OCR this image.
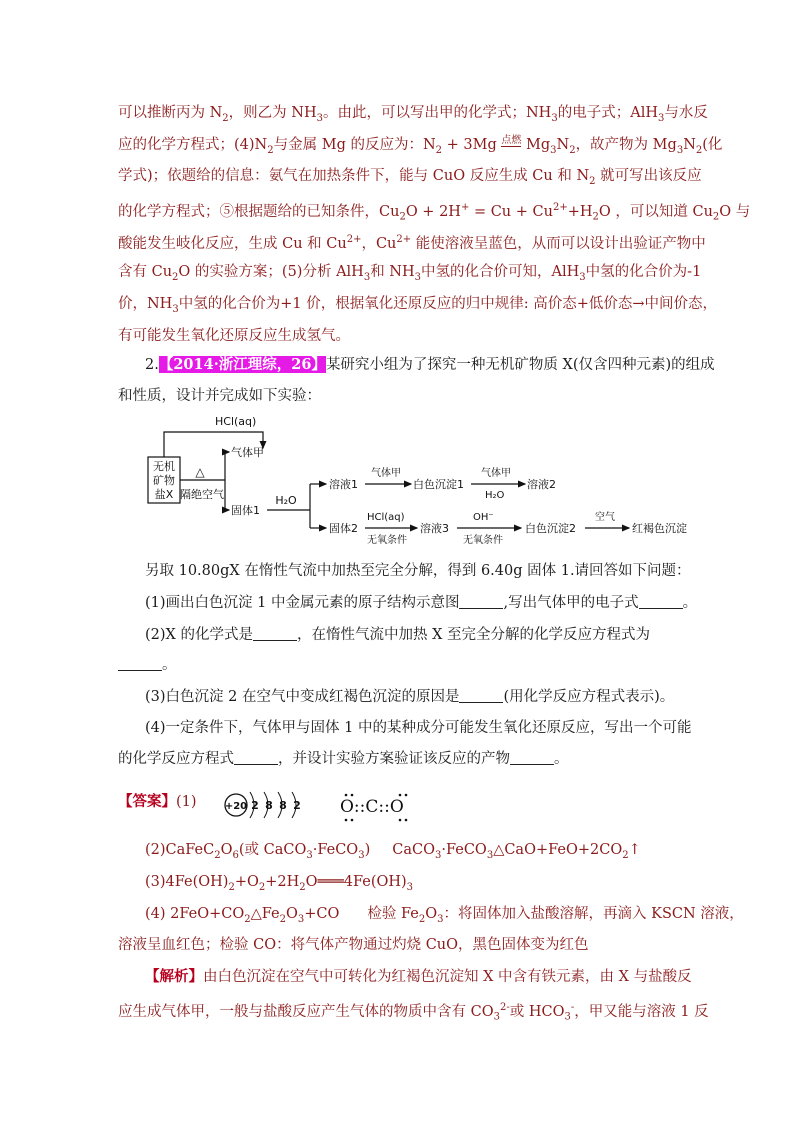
可以推断丙为 $N_2$，则乙为 $NH_3$。由此，可以写出甲的化学式；$NH_3$的电子式；AlH$_3$与水反
应的化学方程式；$(4)N_2$与金属 Mg 的反应为：$N_2 + 3Mg$ 点燃 $Mg_3N_2$，故产物为 $Mg_3N_2$(化
学式)；依题给的信息：氨气在加热条件下，能与 CuO 反应生成 Cu 和 $N_2$ 就可写出该反应
的化学方程式；⑤根据题给的已知条件，$Cu_2O + 2H^+ = Cu + Cu^{2+}+H_2O$ ，可以知道 $Cu_2O$ 与
酸能发生岐化反应，生成 Cu 和 $Cu^{2+}$，$Cu^{2+}$ 能使溶液呈蓝色，从而可以设计出验证产物中
含有 $Cu_2O$ 的实验方案；(5)分析 AlH$_3$和 $NH_3$中氢的化合价可知，AlH$_3$中氢的化合价为-1
价，$NH_3$中氢的化合价为+1 价，根据氧化还原反应的归中规律: 高价态+低价态→中间价态，
有可能发生氧化还原反应生成氢气。
2.【2014·浙江理综，26】某研究小组为了探究一种无机矿物质 X(仅含四种元素)的组成
和性质，设计并完成如下实验：
无机
矿物
盐X
HCl(aq)
△
隔绝空气
气体甲
固体1
H₂O
溶液1
气体甲
白色沉淀1
气体甲
H₂O
溶液2
固体2
HCl(aq)
无氧条件
溶液3
OH⁻
无氧条件
白色沉淀2
空气
红褐色沉淀
另取 10.80gX 在惰性气流中加热至完全分解，得到 6.40g 固体 1.请回答如下问题：
(1)画出白色沉淀 1 中金属元素的原子结构示意图	,写出气体甲的电子式	。
(2)X 的化学式是	，在惰性气流中加热 X 至完全分解的化学反应方程式为
。
(3)白色沉淀 2 在空气中变成红褐色沉淀的原因是	(用化学反应方程式表示)。
(4)一定条件下，气体甲与固体 1 中的某种成分可能发生氧化还原反应，写出一个可能
的化学反应方程式	，并设计实验方案验证该反应的产物	。
【答案】(1)	+20 2 8 8 2 O::C::O
$(2)CaFeC_2O_6$(或 CaCO$_3$·FeCO$_3$) $CaCO_3\cdot FeCO_3\triangle CaO+FeO+2CO_2↑$
$(3)4Fe(OH)_2+O_2+2H_2O═══4Fe(OH)_3$
(4) $2FeO+CO_2\triangle Fe_2O_3+CO$ 检验 $Fe_2O_3$：将固体加入盐酸溶解，再滴入 KSCN 溶液，
溶液呈血红色；检验 CO：将气体产物通过灼烧 CuO，黑色固体变为红色
【解析】由白色沉淀在空气中可转化为红褐色沉淀知 X 中含有铁元素，由 X 与盐酸反
应生成气体甲，一般与盐酸反应产生气体的物质中含有 $CO_3^{2-}$或 $HCO_3^-$，甲又能与溶液 1 反
